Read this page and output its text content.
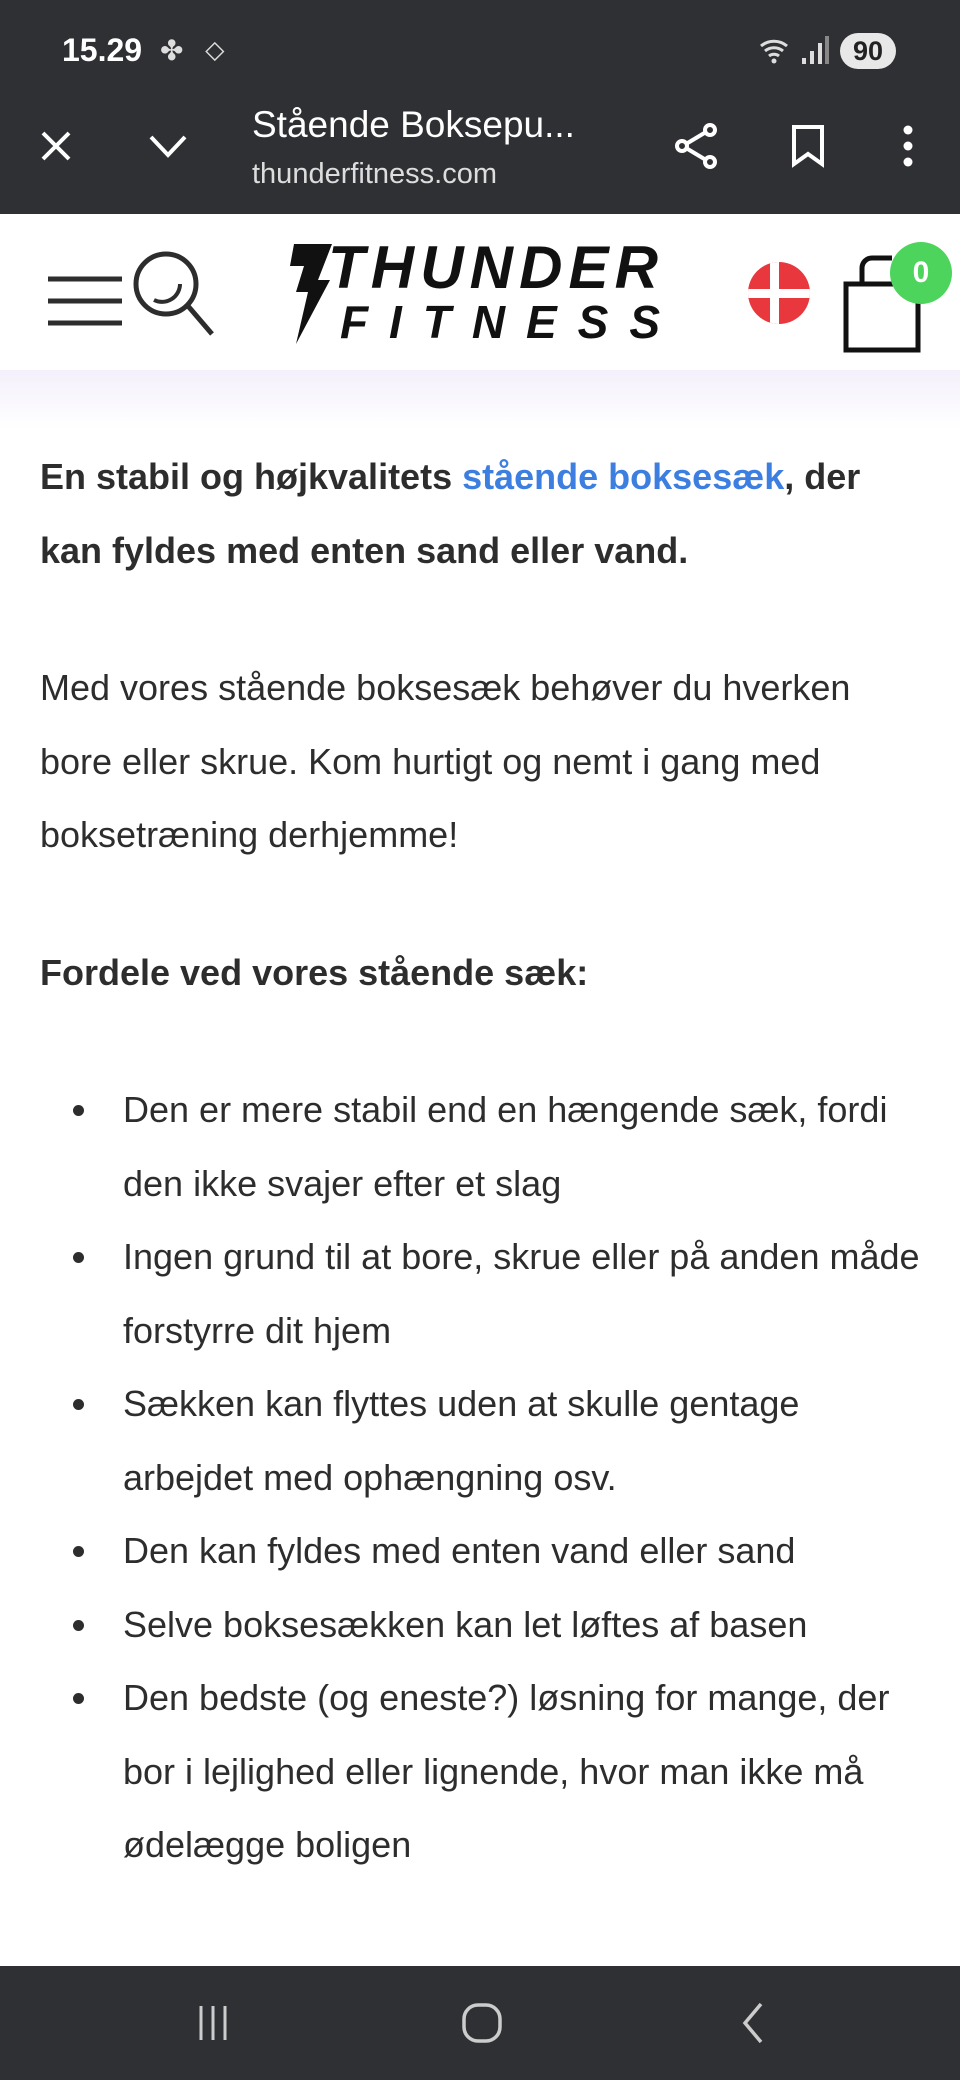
15.29 ✤ ⬦	90
Stående Boksepu...
thunderfitness.com
0
THUNDER
FITNESS

En stabil og højkvalitets stående boksesæk, der kan fyldes med enten sand eller vand.

Med vores stående boksesæk behøver du hverken bore eller skrue. Kom hurtigt og nemt i gang med boksetræning derhjemme!

Fordele ved vores stående sæk:

Den er mere stabil end en hængende sæk, fordi den ikke svajer efter et slag
Ingen grund til at bore, skrue eller på anden måde forstyrre dit hjem
Sækken kan flyttes uden at skulle gentage arbejdet med ophængning osv.
Den kan fyldes med enten vand eller sand
Selve boksesækken kan let løftes af basen
Den bedste (og eneste?) løsning for mange, der bor i lejlighed eller lignende, hvor man ikke må ødelægge boligen
